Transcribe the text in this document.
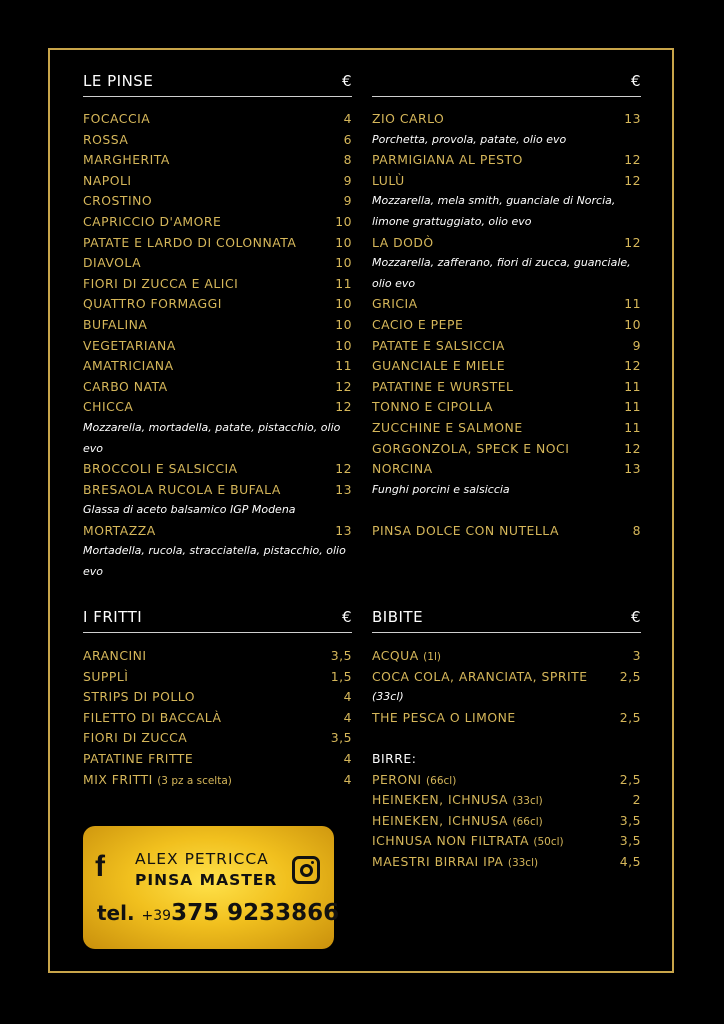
LE PINSE	€	€
FOCACCIA	4
ROSSA	6
MARGHERITA	8
NAPOLI	9
CROSTINO	9
CAPRICCIO D'AMORE	10
PATATE E LARDO DI COLONNATA	10
DIAVOLA	10
FIORI DI ZUCCA E ALICI	11
QUATTRO FORMAGGI	10
BUFALINA	10
VEGETARIANA	10
AMATRICIANA	11
CARBO NATA	12
CHICCA	12
Mozzarella, mortadella, patate, pistacchio, olio evo
BROCCOLI E SALSICCIA	12
BRESAOLA RUCOLA E BUFALA	13
Glassa di aceto balsamico IGP Modena
MORTAZZA	13
Mortadella, rucola, stracciatella, pistacchio, olio evo
ZIO CARLO	13
Porchetta, provola, patate, olio evo
PARMIGIANA AL PESTO	12
LULÙ	12
Mozzarella, mela smith, guanciale di Norcia, limone grattuggiato, olio evo
LA DODÒ	12
Mozzarella, zafferano, fiori di zucca, guanciale, olio evo
GRICIA	11
CACIO E PEPE	10
PATATE E SALSICCIA	9
GUANCIALE E MIELE	12
PATATINE E WURSTEL	11
TONNO E CIPOLLA	11
ZUCCHINE E SALMONE	11
GORGONZOLA, SPECK E NOCI	12
NORCINA	13
Funghi porcini e salsiccia
PINSA DOLCE CON NUTELLA	8
I FRITTI	€
ARANCINI	3,5
SUPPLÌ	1,5
STRIPS DI POLLO	4
FILETTO DI BACCALÀ	4
FIORI DI ZUCCA	3,5
PATATINE FRITTE	4
MIX FRITTI (3 pz a scelta)	4
BIBITE	€
ACQUA (1l)	3
COCA COLA, ARANCIATA, SPRITE	2,5
(33cl)
THE PESCA O LIMONE	2,5
BIRRE:
PERONI (66cl)	2,5
HEINEKEN, ICHNUSA (33cl)	2
HEINEKEN, ICHNUSA (66cl)	3,5
ICHNUSA NON FILTRATA (50cl)	3,5
MAESTRI BIRRAI IPA (33cl)	4,5
f ALEX PETRICCA
PINSA MASTER
tel. +39375 9233866
